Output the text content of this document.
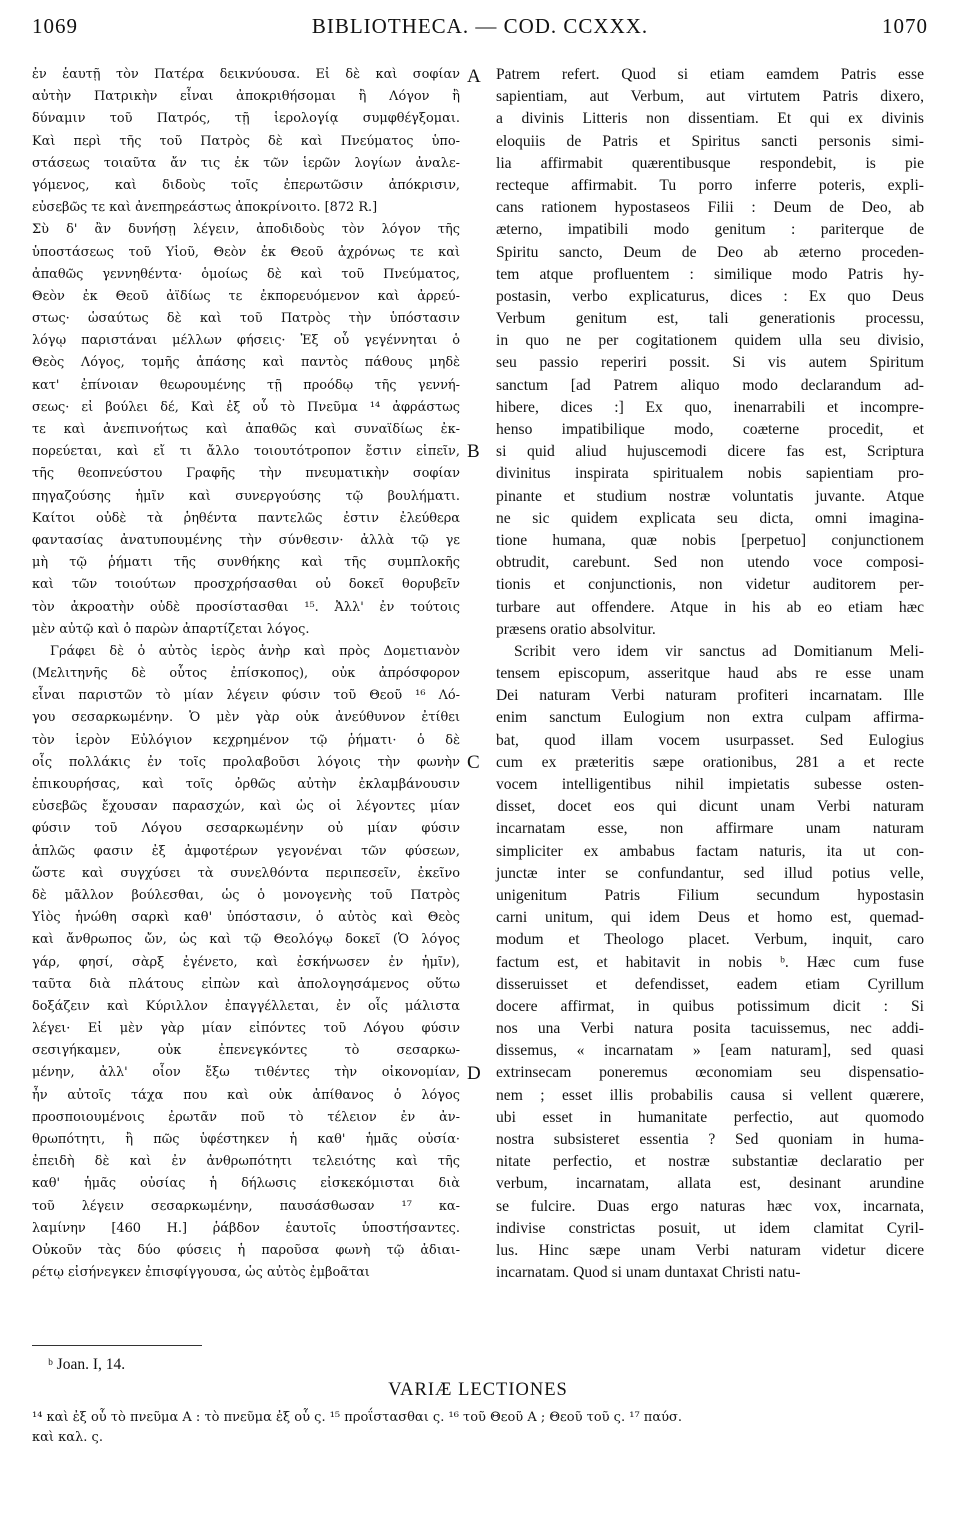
1069	BIBLIOTHECA. — COD. CCXXX.	1070
ἐν ἑαυτῇ τὸν Πατέρα δεικνύουσα. Εἰ δὲ καὶ σοφίαν
αὐτὴν Πατρικὴν εἶναι ἀποκριθήσομαι ἢ Λόγον ἢ
δύναμιν τοῦ Πατρός, τῇ ἱερολογίᾳ συμφθέγξομαι.
Καὶ περὶ τῆς τοῦ Πατρὸς δὲ καὶ Πνεύματος ὑπο-
στάσεως τοιαῦτα ἄν τις ἐκ τῶν ἱερῶν λογίων ἀναλε-
γόμενος, καὶ διδοὺς τοῖς ἐπερωτῶσιν ἀπόκρισιν,
εὐσεβῶς τε καὶ ἀνεπηρεάστως ἀποκρίνοιτο. [872 R.]
Σὺ δ' ἂν δυνήσῃ λέγειν, ἀποδιδοὺς τὸν λόγον τῆς
ὑποστάσεως τοῦ Υἱοῦ, Θεὸν ἐκ Θεοῦ ἀχρόνως τε καὶ
ἀπαθῶς γεννηθέντα· ὁμοίως δὲ καὶ τοῦ Πνεύματος,
Θεὸν ἐκ Θεοῦ ἀϊδίως τε ἐκπορευόμενον καὶ ἀρρεύ-
στως· ὡσαύτως δὲ καὶ τοῦ Πατρὸς τὴν ὑπόστασιν
λόγῳ παριστάναι μέλλων φήσεις· Ἐξ οὗ γεγέννηται ὁ
Θεὸς Λόγος, τομῆς ἁπάσης καὶ παντὸς πάθους μηδὲ
κατ' ἐπίνοιαν θεωρουμένης τῇ προόδῳ τῆς γεννή-
σεως· εἰ βούλει δέ, Καὶ ἐξ οὗ τὸ Πνεῦμα ¹⁴ ἀφράστως
τε καὶ ἀνεπινοήτως καὶ ἀπαθῶς καὶ συναϊδίως ἐκ-
πορεύεται, καὶ εἴ τι ἄλλο τοιουτότροπον ἔστιν εἰπεῖν,
τῆς θεοπνεύστου Γραφῆς τὴν πνευματικὴν σοφίαν
πηγαζούσης ἡμῖν καὶ συνεργούσης τῷ βουλήματι.
Καίτοι οὐδὲ τὰ ῥηθέντα παντελῶς ἐστιν ἐλεύθερα
φαντασίας ἀνατυπουμένης τὴν σύνθεσιν· ἀλλὰ τῷ γε
μὴ τῷ ῥήματι τῆς συνθήκης καὶ τῆς συμπλοκῆς
καὶ τῶν τοιούτων προσχρήσασθαι οὐ δοκεῖ θορυβεῖν
τὸν ἀκροατὴν οὐδὲ προσίστασθαι ¹⁵. Ἀλλ' ἐν τούτοις
μὲν αὐτῷ καὶ ὁ παρὼν ἀπαρτίζεται λόγος.
Γράφει δὲ ὁ αὐτὸς ἱερὸς ἀνὴρ καὶ πρὸς Δομετιανὸν
(Μελιτηνῆς δὲ οὗτος ἐπίσκοπος), οὐκ ἀπρόσφορον
εἶναι παριστῶν τὸ μίαν λέγειν φύσιν τοῦ Θεοῦ ¹⁶ Λό-
γου σεσαρκωμένην. Ὁ μὲν γὰρ οὐκ ἀνεύθυνον ἐτίθει
τὸν ἱερὸν Εὐλόγιον κεχρημένον τῷ ῥήματι· ὁ δὲ
οἷς πολλάκις ἐν τοῖς προλαβοῦσι λόγοις τὴν φωνὴν
ἐπικουρήσας, καὶ τοῖς ὀρθῶς αὐτὴν ἐκλαμβάνουσιν
εὐσεβῶς ἔχουσαν παρασχών, καὶ ὡς οἱ λέγοντες μίαν
φύσιν τοῦ Λόγου σεσαρκωμένην οὐ μίαν φύσιν
ἁπλῶς φασιν ἐξ ἀμφοτέρων γεγονέναι τῶν φύσεων,
ὥστε καὶ συγχύσει τὰ συνελθόντα περιπεσεῖν, ἐκεῖνο
δὲ μᾶλλον βούλεσθαι, ὡς ὁ μονογενὴς τοῦ Πατρὸς
Υἱὸς ἡνώθη σαρκὶ καθ' ὑπόστασιν, ὁ αὐτὸς καὶ Θεὸς
καὶ ἄνθρωπος ὤν, ὡς καὶ τῷ Θεολόγῳ δοκεῖ (Ὁ λόγος
γάρ, φησί, σὰρξ ἐγένετο, καὶ ἐσκήνωσεν ἐν ἡμῖν),
ταῦτα διὰ πλάτους εἰπὼν καὶ ἀπολογησάμενος οὕτω
δοξάζειν καὶ Κύριλλον ἐπαγγέλλεται, ἐν οἷς μάλιστα
λέγει· Εἰ μὲν γὰρ μίαν εἰπόντες τοῦ Λόγου φύσιν
σεσιγήκαμεν, οὐκ ἐπενεγκόντες τὸ σεσαρκω-
μένην, ἀλλ' οἷον ἔξω τιθέντες τὴν οἰκονομίαν,
ἦν αὐτοῖς τάχα που καὶ οὐκ ἀπίθανος ὁ λόγος
προσποιουμένοις ἐρωτᾶν ποῦ τὸ τέλειον ἐν ἀν-
θρωπότητι, ἢ πῶς ὑφέστηκεν ἡ καθ' ἡμᾶς οὐσία·
ἐπειδὴ δὲ καὶ ἐν ἀνθρωπότητι τελειότης καὶ τῆς
καθ' ἡμᾶς οὐσίας ἡ δήλωσις εἰσκεκόμισται διὰ
τοῦ λέγειν σεσαρκωμένην, παυσάσθωσαν ¹⁷ κα-
λαμίνην [460 H.] ῥάβδον ἑαυτοῖς ὑποστήσαντες.
Οὐκοῦν τὰς δύο φύσεις ἡ παροῦσα φωνὴ τῷ ἀδιαι-
ρέτῳ εἰσήνεγκεν ἐπισφίγγουσα, ὡς αὐτὸς ἐμβοᾶται
Patrem refert. Quod si etiam eamdem Patris esse
sapientiam, aut Verbum, aut virtutem Patris dixero,
a divinis Litteris non dissentiam. Et qui ex divinis
eloquiis de Patris et Spiritus sancti personis simi-
lia affirmabit quærentibusque respondebit, is pie
recteque affirmabit. Tu porro inferre poteris, expli-
cans rationem hypostaseos Filii : Deum de Deo, ab
æterno, impatibili modo genitum : pariterque de
Spiritu sancto, Deum de Deo ab æterno proceden-
tem atque profluentem : similique modo Patris hy-
postasin, verbo explicaturus, dices : Ex quo Deus
Verbum genitum est, tali generationis processu,
in quo ne per cogitationem quidem ulla seu divisio,
seu passio reperiri possit. Si vis autem Spiritum
sanctum [ad Patrem aliquo modo declarandum ad-
hibere, dices :] Ex quo, inenarrabili et incompre-
henso impatibilique modo, coæterne procedit, et
si quid aliud hujuscemodi dicere fas est, Scriptura
divinitus inspirata spiritualem nobis sapientiam pro-
pinante et studium nostræ voluntatis juvante. Atque
ne sic quidem explicata seu dicta, omni imagina-
tione humana, quæ nobis [perpetuo] conjunctionem
obtrudit, carebunt. Sed non utendo voce composi-
tionis et conjunctionis, non videtur auditorem per-
turbare aut offendere. Atque in his ab eo etiam hæc
præsens oratio absolvitur.
Scribit vero idem vir sanctus ad Domitianum Meli-
tensem episcopum, asseritque haud abs re esse unam
Dei naturam Verbi naturam profiteri incarnatam. Ille
enim sanctum Eulogium non extra culpam affirma-
bat, quod illam vocem usurpasset. Sed Eulogius
cum ex præteritis sæpe orationibus, 281 a et recte
vocem intelligentibus nihil impietatis subesse osten-
disset, docet eos qui dicunt unam Verbi naturam
incarnatam esse, non affirmare unam naturam
simpliciter ex ambabus factam naturis, ita ut con-
junctæ inter se confundantur, sed illud potius velle,
unigenitum Patris Filium secundum hypostasin
carni unitum, qui idem Deus et homo est, quemad-
modum et Theologo placet. Verbum, inquit, caro
factum est, et habitavit in nobis ᵇ. Hæc cum fuse
disseruisset et defendisset, eadem etiam Cyrillum
docere affirmat, in quibus potissimum dicit : Si
nos una Verbi natura posita tacuissemus, nec addi-
dissemus, « incarnatam » [eam naturam], sed quasi
extrinsecam poneremus œconomiam seu dispensatio-
nem ; esset illis probabilis causa si vellent quærere,
ubi esset in humanitate perfectio, aut quomodo
nostra subsisteret essentia ? Sed quoniam in huma-
nitate perfectio, et nostræ substantiæ declaratio per
verbum, incarnatam, allata est, desinant arundine
se fulcire. Duas ergo naturas hæc vox, incarnata,
indivise constrictas posuit, ut idem clamitat Cyril-
lus. Hinc sæpe unam Verbi naturam videtur dicere
incarnatam. Quod si unam duntaxat Christi natu-
A
B
C
D
ᵇ Joan. I, 14.
VARIÆ LECTIONES
¹⁴ καὶ ἐξ οὗ τὸ πνεῦμα A : τὸ πνεῦμα ἐξ οὗ ς. ¹⁵ προΐστασθαι ς. ¹⁶ τοῦ Θεοῦ A ; Θεοῦ τοῦ ς. ¹⁷ παύσ.
καὶ καλ. ς.
